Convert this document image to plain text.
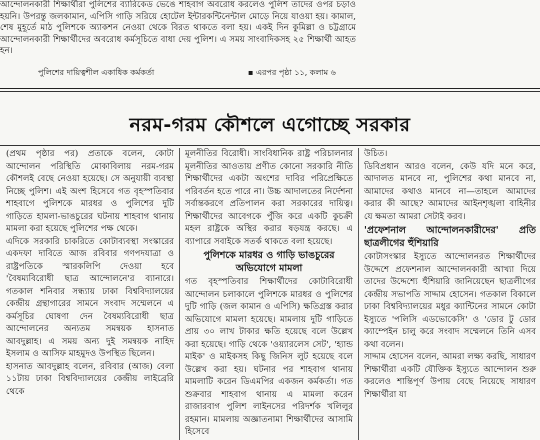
আন্দোলনকারী শিক্ষার্থীরা পুলিশের ব্যারিকেড ভেঙে শাহবাগ অবরোধ করলেও পুলিশ তাদের ওপর চড়াও হয়নি। উপরন্তু জলকামান, এপিসি গাড়ি সরিয়ে হোটেল ইন্টারকন্টিনেন্টাল মোড়ে নিয়ে যাওয়া হয়। কামাল, শেষ মুহূর্তে মাঠ পুলিশকে অ্যাকশন নেওয়া থেকে বিরত থাকতে বলা হয়। একই দিন কুমিল্লা ও চট্টগ্রামে আন্দোলনকারী শিক্ষার্থীদের অবরোধ কর্মসূচিতে বাধা দেয় পুলিশ। এ সময় সাংবাদিকসহ ২৫ শিক্ষার্থী আহত হন।

পুলিশের দায়িত্বশীল একাধিক কর্মকর্তা	▪ এরপর পৃষ্ঠা ১১, কলাম ৬
নরম-গরম কৌশলে এগোচ্ছে সরকার

(প্রথম পৃষ্ঠার পর) প্রতাকে বলেন, কোটা আন্দোলন পরিস্থিতি মোকাবিলায় নরম-গরম কৌশলই বেছে নেওয়া হয়েছে। সে অনুযায়ী ব্যবস্থা নিচ্ছে পুলিশ। এই অংশ হিসেবে গত বৃহস্পতিবার শাহবাগে পুলিশকে মারধর ও পুলিশের দুটি গাড়িতে হামলা-ভাঙচুরের ঘটনায় শাহবাগ থানায় মামলা করা হয়েছে পুলিশের পক্ষ থেকে।

এদিকে সরকারি চাকরিতে কোটাব্যবস্থা সংস্কারের একদফা দাবিতে আজ রবিবার গণপদযাত্রা ও রাষ্ট্রপতিকে স্মারকলিপি দেওয়া হবে 'বৈষম্যবিরোধী ছাত্র আন্দোলনে'র ব্যানারে। গতকাল শনিবার সন্ধ্যায় ঢাকা বিশ্ববিদ্যালয়ের কেন্দ্রীয় গ্রন্থাগারের সামনে সংবাদ সম্মেলনে এ কর্মসূচির ঘোষণা দেন বৈষম্যবিরোধী ছাত্র আন্দোলনের অন্যতম সমন্বয়ক হাসনাত আবদুল্লাহ। এ সময় অন্য দুই সমন্বয়ক নাহিদ ইসলাম ও আসিফ মাহমুদও উপস্থিত ছিলেন।

হাসনাত আবদুল্লাহ বলেন, রবিবার (আজ) বেলা ১১টায় ঢাকা বিশ্ববিদ্যালয়ের কেন্দ্রীয় লাইব্রেরি থেকে

মূলনীতির বিরোধী। সাংবিধানিক রাষ্ট্র পরিচালনার মূলনীতির আওতায় প্রণীত কোনো সরকারি নীতি শিক্ষার্থীদের একটা অংশের দাবির পরিপ্রেক্ষিতে পরিবর্তন হতে পারে না। উচ্চ আদালতের নির্দেশনা সর্বান্তকরণে প্রতিপালন করা সরকারের দায়িত্ব। শিক্ষার্থীদের আবেগকে পুঁজি করে একটি কুচক্রী মহল রাষ্ট্রকে অস্থির করার ষড়যন্ত্র করছে। এ ব্যাপারে সবাইকে সতর্ক থাকতে বলা হয়েছে।

পুলিশকে মারধর ও গাড়ি ভাঙচুরের অভিযোগে মামলা

গত বৃহস্পতিবার শিক্ষার্থীদের কোটাবিরোধী আন্দোলন চলাকালে পুলিশকে মারধর ও পুলিশের দুটি গাড়ি (জল কামান ও এপিসি) ক্ষতিগ্রস্ত করার অভিযোগে মামলা হয়েছে। মামলায় দুটি গাড়িতে প্রায় ৩০ লাখ টাকার ক্ষতি হয়েছে বলে উল্লেখ করা হয়েছে। গাড়ি থেকে 'ওয়্যারলেস সেট', 'হ্যান্ড মাইক' ও মাইকসহ কিছু জিনিস লুট হয়েছে বলে উল্লেখ করা হয়। ঘটনার পর শাহবাগ থানায় মামলাটি করেন ডিএমপির একজন কর্মকর্তা। গত শুক্রবার শাহবাগ থানায় এ মামলা করেন রাজারবাগ পুলিশ লাইনসের পরিদর্শক খলিলুর রহমান। মামলায় অজ্ঞাতনামা শিক্ষার্থীদের আসামি হিসেবে

উচিত।

ডিবিপ্রধান আরও বলেন, কেউ যদি মনে করে, আদালত মানবে না, পুলিশের কথা মানবে না, আমাদের কথাও মানবে না—তাহলে আমাদের করার কী আছে? আমাদের আইনশৃঙ্খলা বাহিনীর যে ক্ষমতা আমরা সেটাই করব।

'প্রফেশনাল আন্দোলনকারীদের' প্রতি ছাত্রলীগের হুঁশিয়ারি

কোটাসংস্কার ইস্যুতে আন্দোলনরত শিক্ষার্থীদের উদ্দেশে প্রফেশনাল আন্দোলনকারী আখ্যা দিয়ে তাদের উদ্দেশ্যে হুঁশিয়ারি জানিয়েছেন ছাত্রলীগের কেন্দ্রীয় সভাপতি সাদ্দাম হোসেন। গতকাল বিকালে ঢাকা বিশ্ববিদ্যালয়ের মধুর ক্যান্টিনের সামনে কোটা ইস্যুতে 'পলিসি এডভোকেসি' ও 'ডোর টু ডোর ক্যাম্পেইন চালু করে সংবাদ সম্মেলনে তিনি এসব কথা বলেন।

সাদ্দাম হোসেন বলেন, আমরা লক্ষ্য করছি, সাধারণ শিক্ষার্থীরা একটি যৌক্তিক ইস্যুতে আন্দোলন শুরু করলেও শান্তিপূর্ণ উপায় বেছে নিয়েছে সাধারণ শিক্ষার্থীরা যা
